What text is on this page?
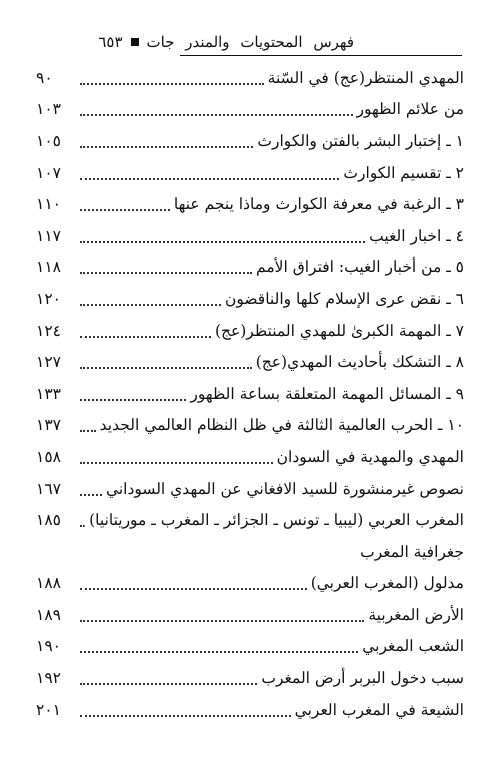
فهرس المحتويات والمندر جات
٦٥٣
المهدي المنتظر(عج) في السّنة
٩٠
من علائم الظهور
١٠٣
١ ـ إختبار البشر بالفتن والكوارث
١٠٥
٢ ـ تقسيم الكوارث
١٠٧
٣ ـ الرغبة في معرفة الكوارث وماذا ينجم عنها
١١٠
٤ ـ اخبار الغيب
١١٧
٥ ـ من أخبار الغيب: افتراق الأمم
١١٨
٦ ـ نقض عرى الإسلام كلها والناقضون
١٢٠
٧ ـ المهمة الكبرىٰ للمهدي المنتظر(عج)
١٢٤
٨ ـ التشكك بأحاديث المهدي(عج)
١٢٧
٩ ـ المسائل المهمة المتعلقة بساعة الظهور
١٣٣
١٠ ـ الحرب العالمية الثالثة في ظل النظام العالمي الجديد
١٣٧
المهدي والمهدية في السودان
١٥٨
نصوص غيرمنشورة للسيد الافغاني عن المهدي السوداني
١٦٧
المغرب العربي (ليبيا ـ تونس ـ الجزائر ـ المغرب ـ موريتانيا)
١٨٥
جغرافية المغرب
مدلول (المغرب العربي)
١٨٨
الأرض المغربية
١٨٩
الشعب المغربي
١٩٠
سبب دخول البربر أرض المغرب
١٩٢
الشيعة في المغرب العربي
٢٠١
